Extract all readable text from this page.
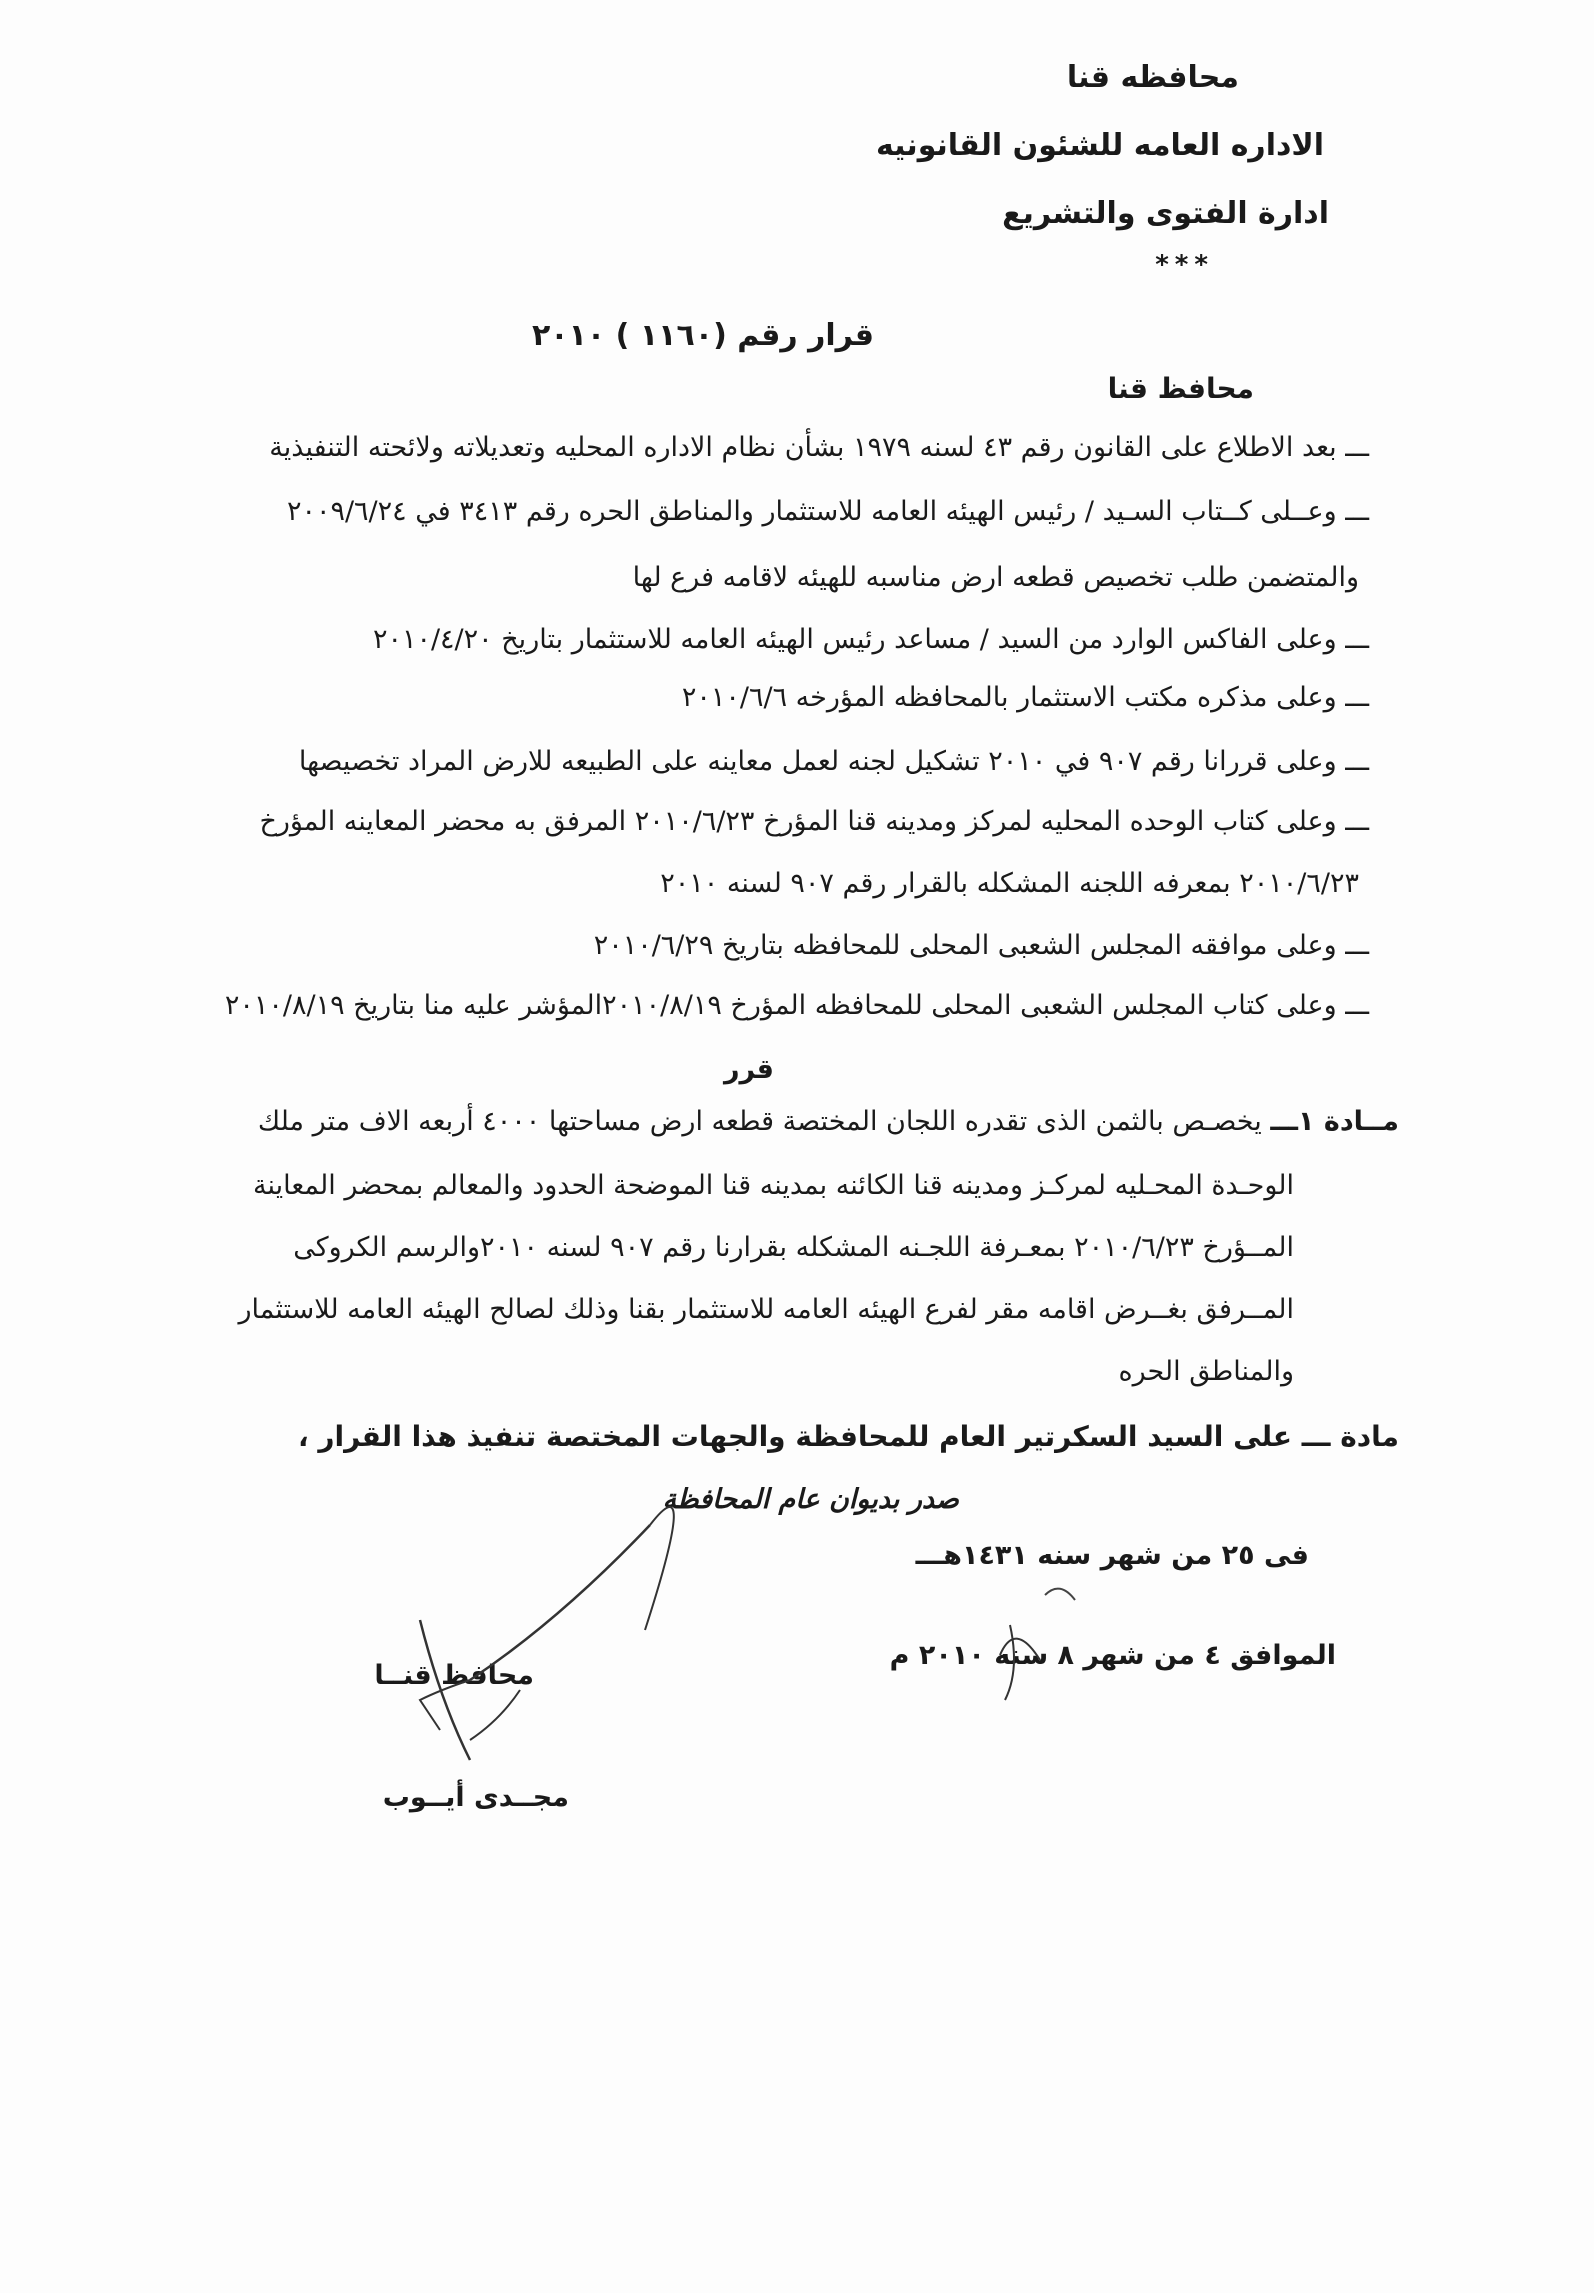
محافظه قنا
الاداره العامه للشئون القانونيه
ادارة الفتوى والتشريع
***
قرار رقم (١١٦٠ ) ٢٠١٠
محافظ قنا
ـــ بعد الاطلاع على القانون رقم ٤٣ لسنه ١٩٧٩ بشأن نظام الاداره المحليه وتعديلاته ولائحته التنفيذية
ـــ وعــلى كــتاب السـيد / رئيس الهيئه العامه للاستثمار والمناطق الحره رقم ٣٤١٣ في ٢٠٠٩/٦/٢٤
والمتضمن طلب تخصيص قطعه ارض مناسبه للهيئه لاقامه فرع لها
ـــ وعلى الفاكس الوارد من السيد / مساعد رئيس الهيئه العامه للاستثمار بتاريخ ٢٠١٠/٤/٢٠
ـــ وعلى مذكره مكتب الاستثمار بالمحافظه المؤرخه ٢٠١٠/٦/٦
ـــ وعلى قررانا رقم ٩٠٧ في ٢٠١٠ تشكيل لجنه لعمل معاينه على الطبيعه للارض المراد تخصيصها
ـــ وعلى كتاب الوحده المحليه لمركز ومدينه قنا المؤرخ ٢٠١٠/٦/٢٣ المرفق به محضر المعاينه المؤرخ
٢٠١٠/٦/٢٣ بمعرفه اللجنه المشكله بالقرار رقم ٩٠٧ لسنه ٢٠١٠
ـــ وعلى موافقه المجلس الشعبى المحلى للمحافظه بتاريخ ٢٠١٠/٦/٢٩
ـــ وعلى كتاب المجلس الشعبى المحلى للمحافظه المؤرخ ٢٠١٠/٨/١٩المؤشر عليه منا بتاريخ ٢٠١٠/٨/١٩
قرر
مــادة ١ـــ يخصـص بالثمن الذى تقدره اللجان المختصة قطعه ارض مساحتها ٤٠٠٠ أربعه الاف متر ملك
الوحـدة المحـليه لمركـز ومدينه قنا الكائنه بمدينه قنا الموضحة الحدود والمعالم بمحضر المعاينة
المــؤرخ ٢٠١٠/٦/٢٣ بمعـرفة اللجـنه المشكله بقرارنا رقم ٩٠٧ لسنه ٢٠١٠والرسم الكروكى
المــرفق بغــرض اقامه مقر لفرع الهيئه العامه للاستثمار بقنا وذلك لصالح الهيئه العامه للاستثمار
والمناطق الحره
مادة ـــ على السيد السكرتير العام للمحافظة والجهات المختصة تنفيذ هذا القرار ،
صدر بديوان عام المحافظة
فى ٢٥ من شهر سنه ١٤٣١هـــ
الموافق ٤ من شهر ٨ سنه ٢٠١٠ م
محافظ قنــا
مجــدى أيــوب
